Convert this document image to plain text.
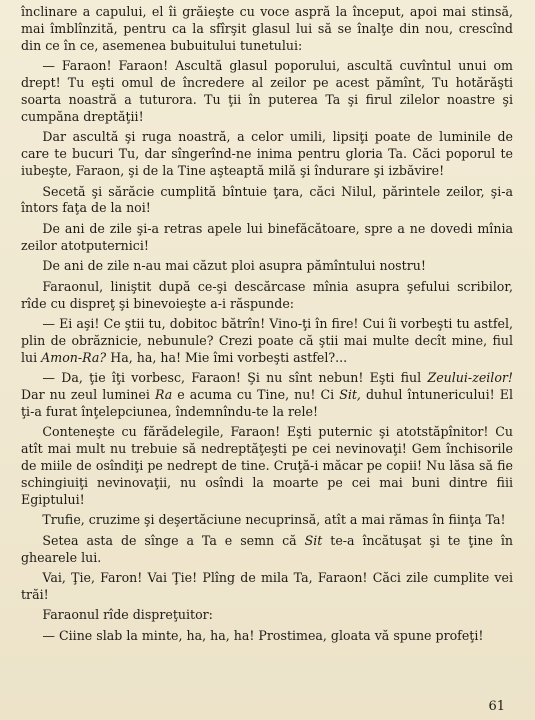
înclinare a capului, el îi grăieşte cu voce aspră la început, apoi mai stinsă, mai îmblînzită, pentru ca la sfîrşit glasul lui să se înalţe din nou, crescînd din ce în ce, asemenea bubuitului tunetului:

— Faraon! Faraon! Ascultă glasul poporului, ascultă cuvîntul unui om drept! Tu eşti omul de încredere al zeilor pe acest pămînt, Tu hotărăşti soarta noastră a tuturora. Tu ţii în puterea Ta şi firul zilelor noastre şi cumpăna dreptăţii!

Dar ascultă şi ruga noastră, a celor umili, lipsiţi poate de luminile de care te bucuri Tu, dar sîngerînd-ne inima pentru gloria Ta. Căci poporul te iubeşte, Faraon, şi de la Tine aşteaptă milă şi îndurare şi izbăvire!

Secetă şi sărăcie cumplită bîntuie ţara, căci Nilul, părintele zeilor, şi-a întors faţa de la noi!

De ani de zile şi-a retras apele lui binefăcătoare, spre a ne dovedi mînia zeilor atotputernici!

De ani de zile n-au mai căzut ploi asupra pămîntului nostru!

Faraonul, liniştit după ce-şi descărcase mînia asupra şefului scribilor, rîde cu dispreţ şi binevoieşte a-i răspunde:

— Ei aşi! Ce ştii tu, dobitoc bătrîn! Vino-ţi în fire! Cui îi vorbeşti tu astfel, plin de obrăznicie, nebunule? Crezi poate că ştii mai multe decît mine, fiul lui Amon-Ra? Ha, ha, ha! Mie îmi vorbeşti astfel?...

— Da, ţie îţi vorbesc, Faraon! Şi nu sînt nebun! Eşti fiul Zeului-zeilor! Dar nu zeul luminei Ra e acuma cu Tine, nu! Ci Sit, duhul întunericului! El ţi-a furat înţelepciunea, îndemnîndu-te la rele!

Conteneşte cu fărădelegile, Faraon! Eşti puternic şi atotstăpînitor! Cu atît mai mult nu trebuie să nedreptăţeşti pe cei nevinovaţi! Gem închisorile de miile de osîndiţi pe nedrept de tine. Cruţă-i măcar pe copii! Nu lăsa să fie schingiuiţi nevinovaţii, nu osîndi la moarte pe cei mai buni dintre fiii Egiptului!

Trufie, cruzime şi deşertăciune necuprinsă, atît a mai rămas în fiinţa Ta!

Setea asta de sînge a Ta e semn că Sit te-a încătuşat şi te ţine în ghearele lui.

Vai, Ţie, Faron! Vai Ţie! Plîng de mila Ta, Faraon! Căci zile cumplite vei trăi!

Faraonul rîde dispreţuitor:

— Ciine slab la minte, ha, ha, ha! Prostimea, gloata vă spune profeţi!

61
